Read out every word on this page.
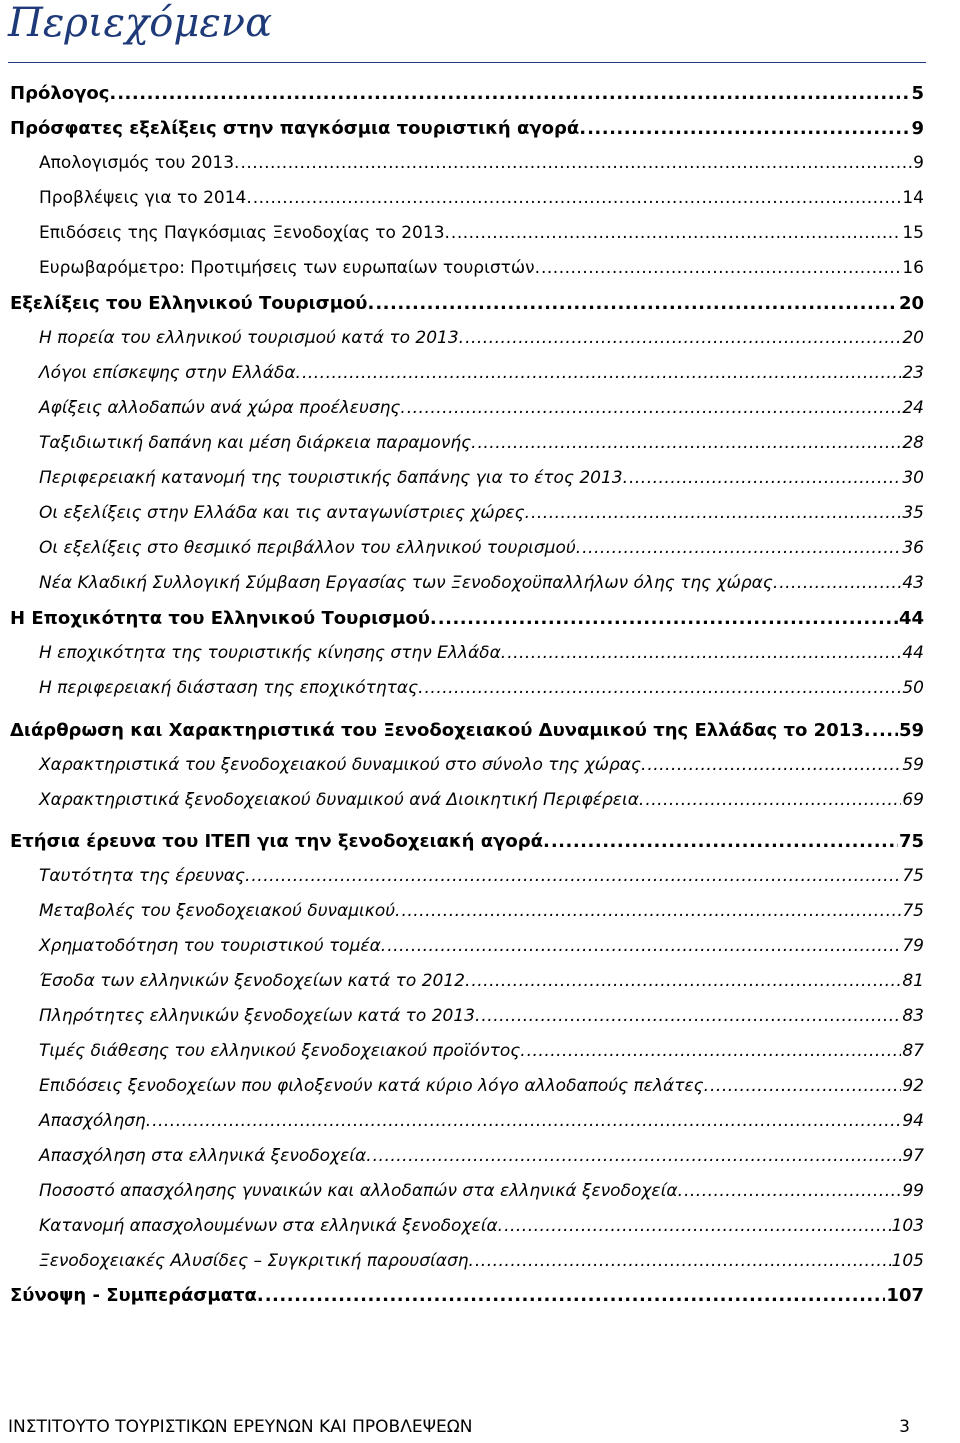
Περιεχόμενα
Πρόλογος. .....	5
Πρόσφατες εξελίξεις στην παγκόσμια τουριστική αγορά. .....	9
Απολογισμός του 2013. .....	9
Προβλέψεις για το 2014. .....	14
Επιδόσεις της Παγκόσμιας Ξενοδοχίας το 2013. .....	15
Ευρωβαρόμετρο: Προτιμήσεις των ευρωπαίων τουριστών. .....	16
Εξελίξεις του Ελληνικού Τουρισμού. .....	20
Η πορεία του ελληνικού τουρισμού κατά το 2013. .....	20
Λόγοι επίσκεψης στην Ελλάδα. .....	23
Αφίξεις αλλοδαπών ανά χώρα προέλευσης. .....	24
Ταξιδιωτική δαπάνη και μέση διάρκεια παραμονής. .....	28
Περιφερειακή κατανομή της τουριστικής δαπάνης για το έτος 2013. .....	30
Οι εξελίξεις στην Ελλάδα και τις ανταγωνίστριες χώρες. .....	35
Οι εξελίξεις στο θεσμικό περιβάλλον του ελληνικού τουρισμού. .....	36
Νέα Κλαδική Συλλογική Σύμβαση Εργασίας των Ξενοδοχοϋπαλλήλων όλης της χώρας. .....	43
Η Εποχικότητα του Ελληνικού Τουρισμού. .....	44
Η εποχικότητα της τουριστικής κίνησης στην Ελλάδα. .....	44
Η περιφερειακή διάσταση της εποχικότητας. .....	50
Διάρθρωση και Χαρακτηριστικά του Ξενοδοχειακού Δυναμικού της Ελλάδας το 2013. ..... 59
Χαρακτηριστικά του ξενοδοχειακού δυναμικού στο σύνολο της χώρας. .....	59
Χαρακτηριστικά ξενοδοχειακού δυναμικού ανά Διοικητική Περιφέρεια. .....	69
Ετήσια έρευνα του ΙΤΕΠ για την ξενοδοχειακή αγορά. .....	75
Ταυτότητα της έρευνας. .....	75
Μεταβολές του ξενοδοχειακού δυναμικού. .....	75
Χρηματοδότηση του τουριστικού τομέα. .....	79
Έσοδα των ελληνικών ξενοδοχείων κατά το 2012. .....	81
Πληρότητες ελληνικών ξενοδοχείων κατά το 2013. .....	83
Τιμές διάθεσης του ελληνικού ξενοδοχειακού προϊόντος. .....	87
Επιδόσεις ξενοδοχείων που φιλοξενούν κατά κύριο λόγο αλλοδαπούς πελάτες. .....	92
Απασχόληση. .....	94
Απασχόληση στα ελληνικά ξενοδοχεία. .....	97
Ποσοστό απασχόλησης γυναικών και αλλοδαπών στα ελληνικά ξενοδοχεία. .....	99
Κατανομή απασχολουμένων στα ελληνικά ξενοδοχεία. .....	103
Ξενοδοχειακές Αλυσίδες – Συγκριτική παρουσίαση. .....	105
Σύνοψη - Συμπεράσματα. .....	107
ΙΝΣΤΙΤΟΥΤΟ ΤΟΥΡΙΣΤΙΚΩΝ ΕΡΕΥΝΩΝ ΚΑΙ ΠΡΟΒΛΕΨΕΩΝ	3
